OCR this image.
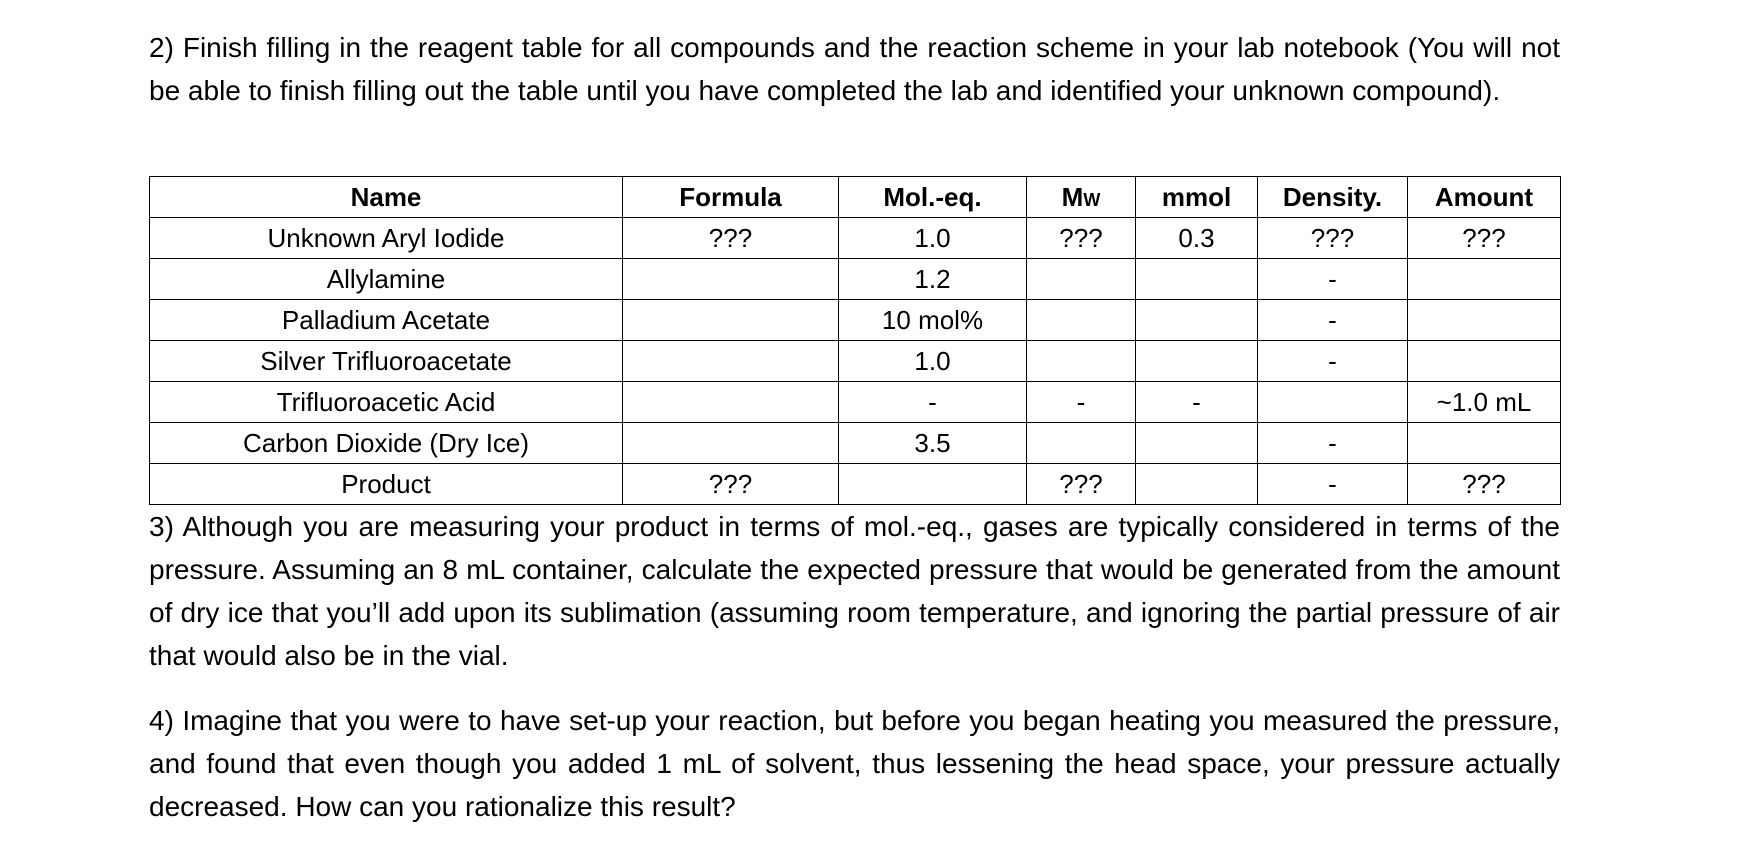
2) Finish filling in the reagent table for all compounds and the reaction scheme in your lab notebook (You will not be able to finish filling out the table until you have completed the lab and identified your unknown compound).

Name	Formula	Mol.-eq.	MW	mmol	Density.	Amount
Unknown Aryl Iodide	???	1.0	???	0.3	???	???
Allylamine		1.2			-	
Palladium Acetate		10 mol%			-	
Silver Trifluoroacetate		1.0			-	
Trifluoroacetic Acid		-	-	-		~1.0 mL
Carbon Dioxide (Dry Ice)		3.5			-	
Product	???		???		-	???

3) Although you are measuring your product in terms of mol.-eq., gases are typically considered in terms of the pressure. Assuming an 8 mL container, calculate the expected pressure that would be generated from the amount of dry ice that you’ll add upon its sublimation (assuming room temperature, and ignoring the partial pressure of air that would also be in the vial.

4) Imagine that you were to have set-up your reaction, but before you began heating you measured the pressure, and found that even though you added 1 mL of solvent, thus lessening the head space, your pressure actually decreased. How can you rationalize this result?
